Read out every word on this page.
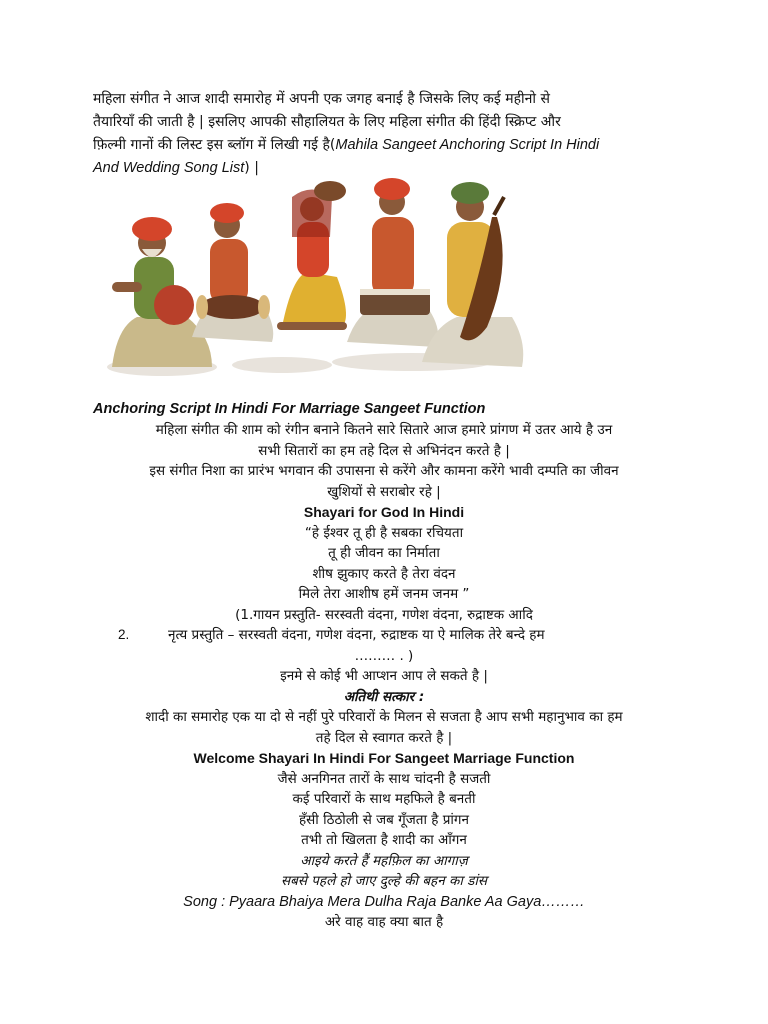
महिला संगीत ने आज शादी समारोह में अपनी एक जगह बनाई है जिसके लिए कई महीनो से
तैयारियाँ की जाती है | इसलिए आपकी सौहालियत के लिए महिला संगीत की हिंदी स्क्रिप्ट और
फ़िल्मी गानों की लिस्ट इस ब्लॉग में लिखी गई है(Mahila Sangeet Anchoring Script In Hindi
And Wedding Song List) |
Anchoring Script In Hindi For Marriage Sangeet Function
महिला संगीत की शाम को रंगीन बनाने कितने सारे सितारे आज हमारे प्रांगण में उतर आये है उन
सभी सितारों का हम तहे दिल से अभिनंदन करते है |
इस संगीत निशा का प्रारंभ भगवान की उपासना से करेंगे और कामना करेंगे भावी दम्पति का जीवन
खुशियों से सराबोर रहे |
Shayari for God In Hindi
“हे ईश्वर तू ही है सबका रचियता
तू ही जीवन का निर्माता
शीष झुकाए करते है तेरा वंदन
मिले तेरा आशीष हमें जनम जनम ”
(1.गायन प्रस्तुति- सरस्वती वंदना, गणेश वंदना, रुद्राष्टक आदि
2.	नृत्य प्रस्तुति – सरस्वती वंदना, गणेश वंदना, रुद्राष्टक या ऐ मालिक तेरे बन्दे हम
……… . )
इनमे से कोई भी आप्शन आप ले सकते है |
अतिथी सत्कार :
शादी का समारोह एक या दो से नहीं पुरे परिवारों के मिलन से सजता है आप सभी महानुभाव का हम
तहे दिल से स्वागत करते है |
Welcome Shayari In Hindi For Sangeet Marriage Function
जैसे अनगिनत तारों के साथ चांदनी है सजती
कई परिवारों के साथ महफिले है बनती
हँसी ठिठोली से जब गूँजता है प्रांगन
तभी तो खिलता है शादी का आँगन
आइये करते हैं महफ़िल का आगाज़
सबसे पहले हो जाए दुल्हे की बहन का डांस
Song : Pyaara Bhaiya Mera Dulha Raja Banke Aa Gaya………
अरे वाह वाह क्या बात है
